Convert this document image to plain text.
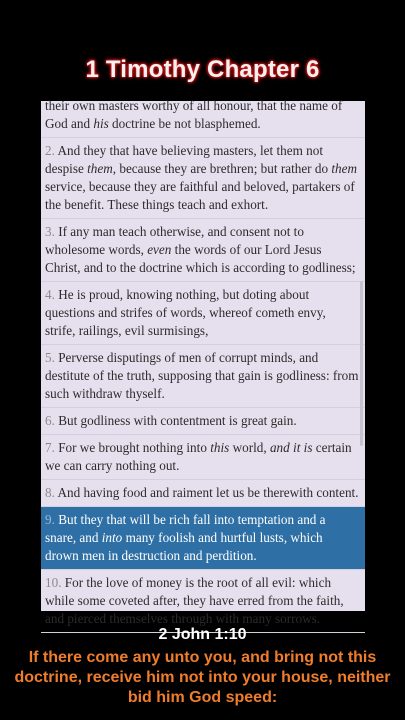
1 Timothy Chapter 6

their own masters worthy of all honour, that the name of God and his doctrine be not blasphemed.

2. And they that have believing masters, let them not despise them, because they are brethren; but rather do them service, because they are faithful and beloved, partakers of the benefit. These things teach and exhort.

3. If any man teach otherwise, and consent not to wholesome words, even the words of our Lord Jesus Christ, and to the doctrine which is according to godliness;

4. He is proud, knowing nothing, but doting about questions and strifes of words, whereof cometh envy, strife, railings, evil surmisings,

5. Perverse disputings of men of corrupt minds, and destitute of the truth, supposing that gain is godliness: from such withdraw thyself.

6. But godliness with contentment is great gain.

7. For we brought nothing into this world, and it is certain we can carry nothing out.

8. And having food and raiment let us be therewith content.

9. But they that will be rich fall into temptation and a snare, and into many foolish and hurtful lusts, which drown men in destruction and perdition.

10. For the love of money is the root of all evil: which while some coveted after, they have erred from the faith, and pierced themselves through with many sorrows.

2 John 1:10
If there come any unto you, and bring not this doctrine, receive him not into your house, neither bid him God speed:
